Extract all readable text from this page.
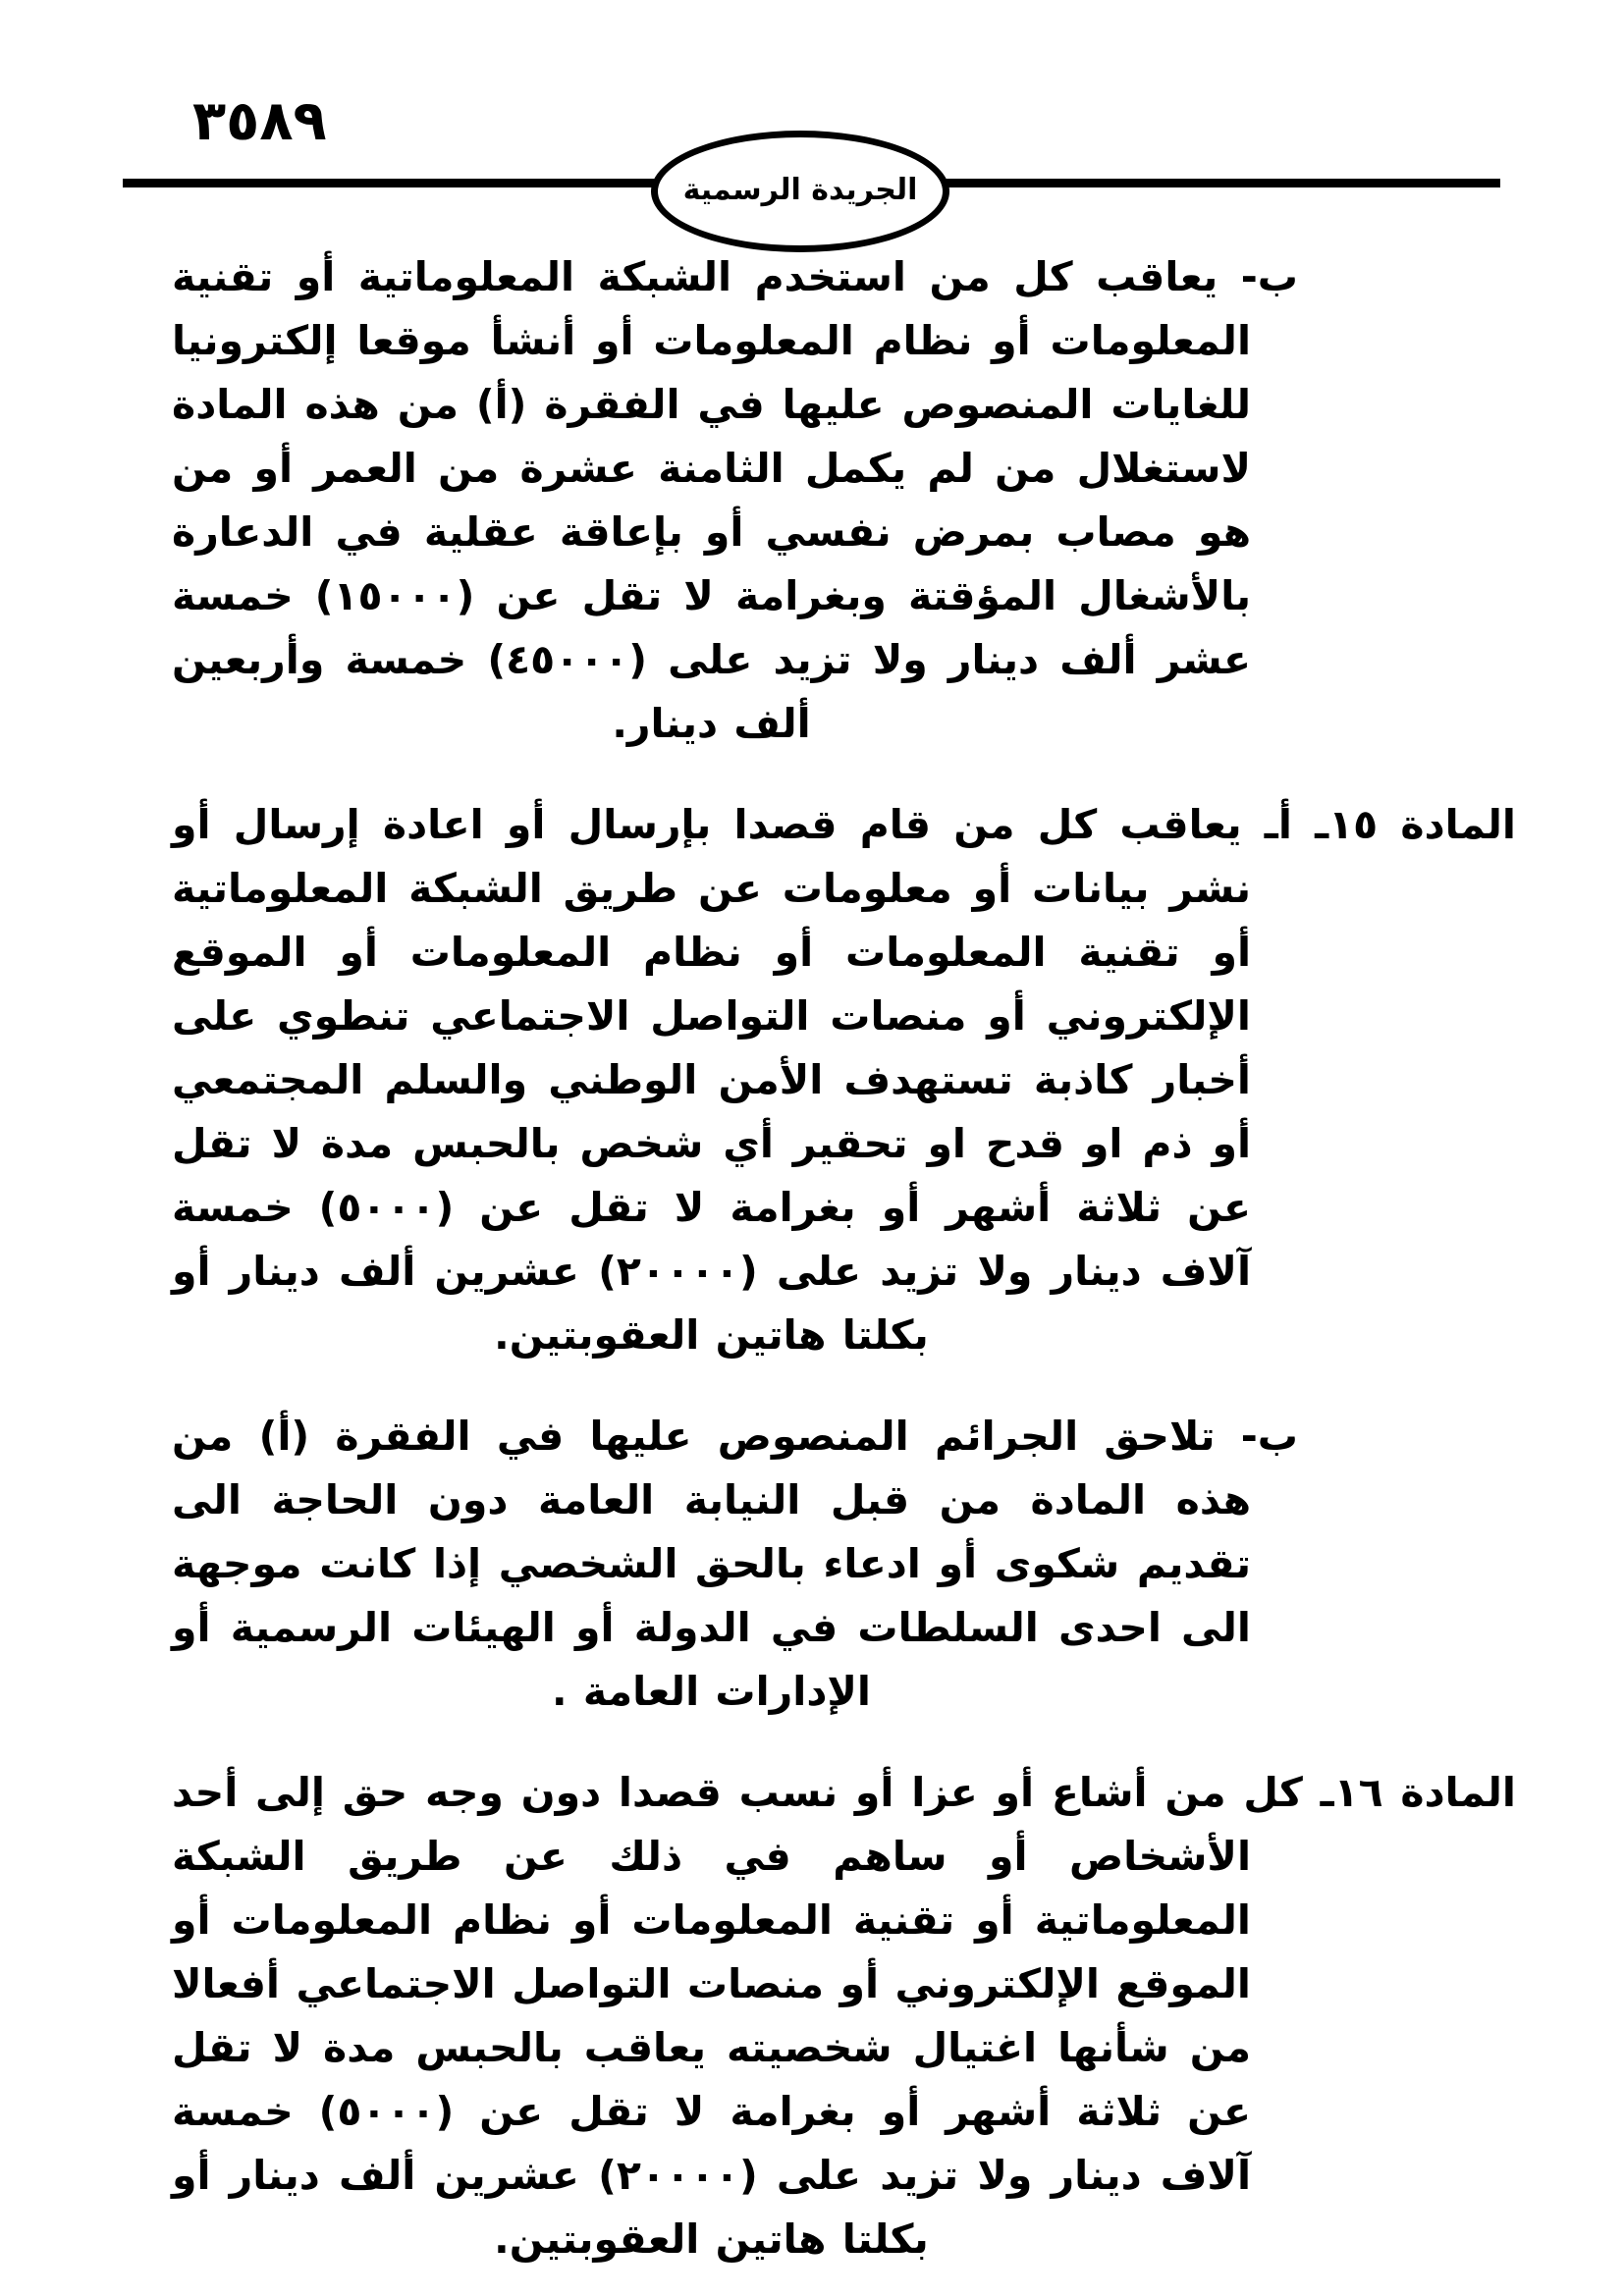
٣٥٨٩
الجريدة الرسمية

ب- يعاقب كل من استخدم الشبكة المعلوماتية أو تقنية المعلومات أو نظام المعلومات أو أنشأ موقعا إلكترونيا للغايات المنصوص عليها في الفقرة (أ) من هذه المادة لاستغلال من لم يكمل الثامنة عشرة من العمر أو من هو مصاب بمرض نفسي أو بإعاقة عقلية في الدعارة بالأشغال المؤقتة وبغرامة لا تقل عن (١٥٠٠٠) خمسة عشر ألف دينار ولا تزيد على (٤٥٠٠٠) خمسة وأربعين ألف دينار.

المادة ١٥ـ أـ يعاقب كل من قام قصدا بإرسال أو اعادة إرسال أو نشر بيانات أو معلومات عن طريق الشبكة المعلوماتية أو تقنية المعلومات أو نظام المعلومات أو الموقع الإلكتروني أو منصات التواصل الاجتماعي تنطوي على أخبار كاذبة تستهدف الأمن الوطني والسلم المجتمعي أو ذم او قدح او تحقير أي شخص بالحبس مدة لا تقل عن ثلاثة أشهر أو بغرامة لا تقل عن (٥٠٠٠) خمسة آلاف دينار ولا تزيد على (٢٠٠٠٠) عشرين ألف دينار أو بكلتا هاتين العقوبتين.

ب- تلاحق الجرائم المنصوص عليها في الفقرة (أ) من هذه المادة من قبل النيابة العامة دون الحاجة الى تقديم شكوى أو ادعاء بالحق الشخصي إذا كانت موجهة الى احدى السلطات في الدولة أو الهيئات الرسمية أو الإدارات العامة .

المادة ١٦ـ كل من أشاع أو عزا أو نسب قصدا دون وجه حق إلى أحد الأشخاص أو ساهم في ذلك عن طريق الشبكة المعلوماتية أو تقنية المعلومات أو نظام المعلومات أو الموقع الإلكتروني أو منصات التواصل الاجتماعي أفعالا من شأنها اغتيال شخصيته يعاقب بالحبس مدة لا تقل عن ثلاثة أشهر أو بغرامة لا تقل عن (٥٠٠٠) خمسة آلاف دينار ولا تزيد على (٢٠٠٠٠) عشرين ألف دينار أو بكلتا هاتين العقوبتين.
